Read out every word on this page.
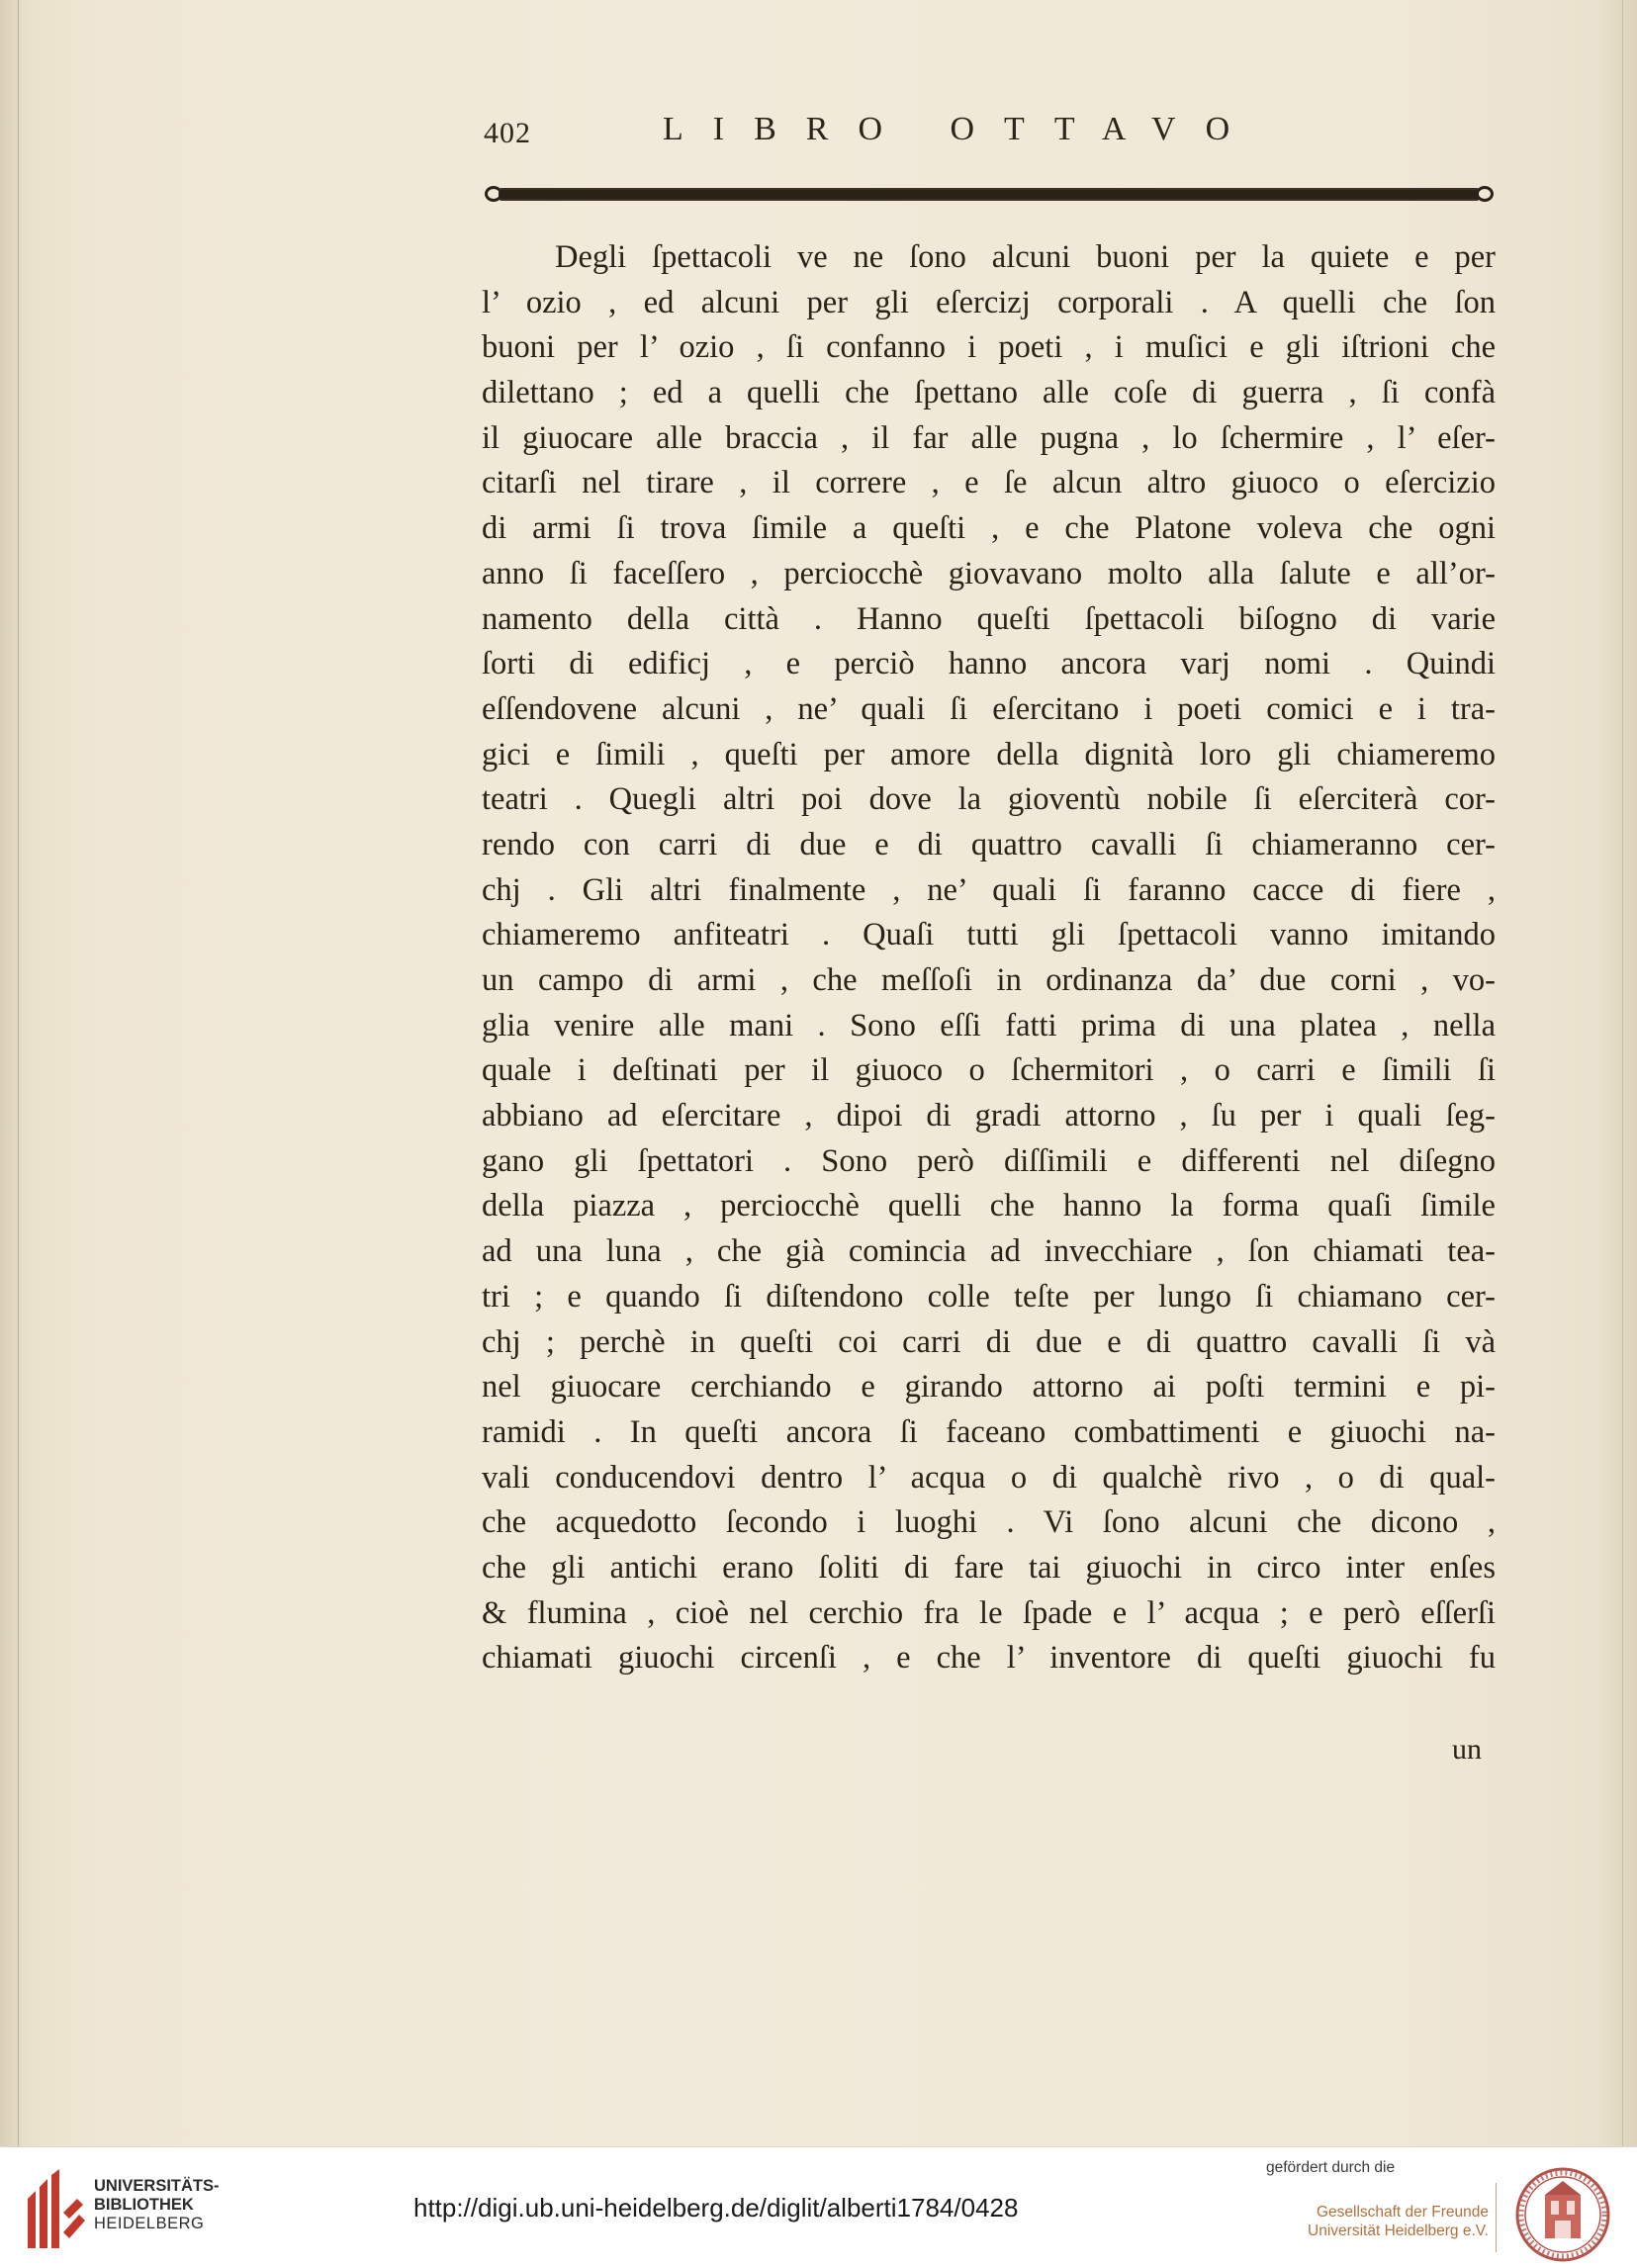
402	LIBRO OTTAVO
Degli ſpettacoli ve ne ſono alcuni buoni per la quiete e per
l’ ozio , ed alcuni per gli eſercizj corporali . A quelli che ſon
buoni per l’ ozio , ſi confanno i poeti , i muſici e gli iſtrioni che
dilettano ; ed a quelli che ſpettano alle coſe di guerra , ſi confà
il giuocare alle braccia , il far alle pugna , lo ſchermire , l’ eſer-
citarſi nel tirare , il correre , e ſe alcun altro giuoco o eſercizio
di armi ſi trova ſimile a queſti , e che Platone voleva che ogni
anno ſi faceſſero , perciocchè giovavano molto alla ſalute e all’or-
namento della città . Hanno queſti ſpettacoli biſogno di varie
ſorti di edificj , e perciò hanno ancora varj nomi . Quindi
eſſendovene alcuni , ne’ quali ſi eſercitano i poeti comici e i tra-
gici e ſimili , queſti per amore della dignità loro gli chiameremo
teatri . Quegli altri poi dove la gioventù nobile ſi eſerciterà cor-
rendo con carri di due e di quattro cavalli ſi chiameranno cer-
chj . Gli altri finalmente , ne’ quali ſi faranno cacce di fiere ,
chiameremo anfiteatri . Quaſi tutti gli ſpettacoli vanno imitando
un campo di armi , che meſſoſi in ordinanza da’ due corni , vo-
glia venire alle mani . Sono eſſi fatti prima di una platea , nella
quale i deſtinati per il giuoco o ſchermitori , o carri e ſimili ſi
abbiano ad eſercitare , dipoi di gradi attorno , ſu per i quali ſeg-
gano gli ſpettatori . Sono però diſſimili e differenti nel diſegno
della piazza , perciocchè quelli che hanno la forma quaſi ſimile
ad una luna , che già comincia ad invecchiare , ſon chiamati tea-
tri ; e quando ſi diſtendono colle teſte per lungo ſi chiamano cer-
chj ; perchè in queſti coi carri di due e di quattro cavalli ſi và
nel giuocare cerchiando e girando attorno ai poſti termini e pi-
ramidi . In queſti ancora ſi faceano combattimenti e giuochi na-
vali conducendovi dentro l’ acqua o di qualchè rivo , o di qual-
che acquedotto ſecondo i luoghi . Vi ſono alcuni che dicono ,
che gli antichi erano ſoliti di fare tai giuochi in circo inter enſes
& flumina , cioè nel cerchio fra le ſpade e l’ acqua ; e però eſſerſi
chiamati giuochi circenſi , e che l’ inventore di queſti giuochi fu
un
UNIVERSITÄTS-
BIBLIOTHEK
HEIDELBERG
http://digi.ub.uni-heidelberg.de/diglit/alberti1784/0428
gefördert durch die
Gesellschaft der Freunde
Universität Heidelberg e.V.
